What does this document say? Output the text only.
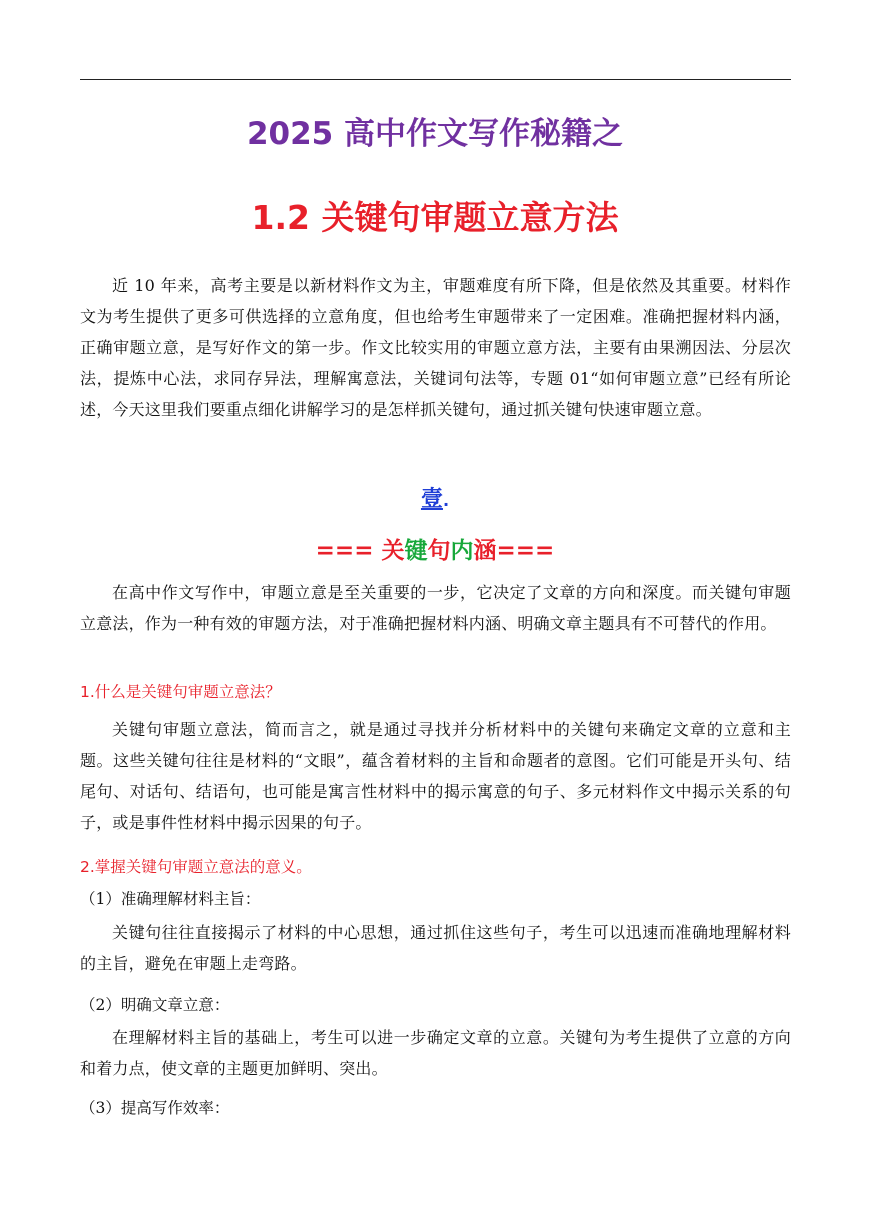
2025 高中作文写作秘籍之
1.2 关键句审题立意方法

近 10 年来，高考主要是以新材料作文为主，审题难度有所下降，但是依然及其重要。材料作文为考生提供了更多可供选择的立意角度，但也给考生审题带来了一定困难。准确把握材料内涵，正确审题立意，是写好作文的第一步。作文比较实用的审题立意方法，主要有由果溯因法、分层次法，提炼中心法，求同存异法，理解寓意法，关键词句法等，专题 01“如何审题立意”已经有所论述，今天这里我们要重点细化讲解学习的是怎样抓关键句，通过抓关键句快速审题立意。

壹.
=== 关键句内涵===

在高中作文写作中，审题立意是至关重要的一步，它决定了文章的方向和深度。而关键句审题立意法，作为一种有效的审题方法，对于准确把握材料内涵、明确文章主题具有不可替代的作用。

1.什么是关键句审题立意法？

关键句审题立意法，简而言之，就是通过寻找并分析材料中的关键句来确定文章的立意和主题。这些关键句往往是材料的“文眼”，蕴含着材料的主旨和命题者的意图。它们可能是开头句、结尾句、对话句、结语句，也可能是寓言性材料中的揭示寓意的句子、多元材料作文中揭示关系的句子，或是事件性材料中揭示因果的句子。

2.掌握关键句审题立意法的意义。
（1）准确理解材料主旨：

关键句往往直接揭示了材料的中心思想，通过抓住这些句子，考生可以迅速而准确地理解材料的主旨，避免在审题上走弯路。

（2）明确文章立意：

在理解材料主旨的基础上，考生可以进一步确定文章的立意。关键句为考生提供了立意的方向和着力点，使文章的主题更加鲜明、突出。

（3）提高写作效率：
